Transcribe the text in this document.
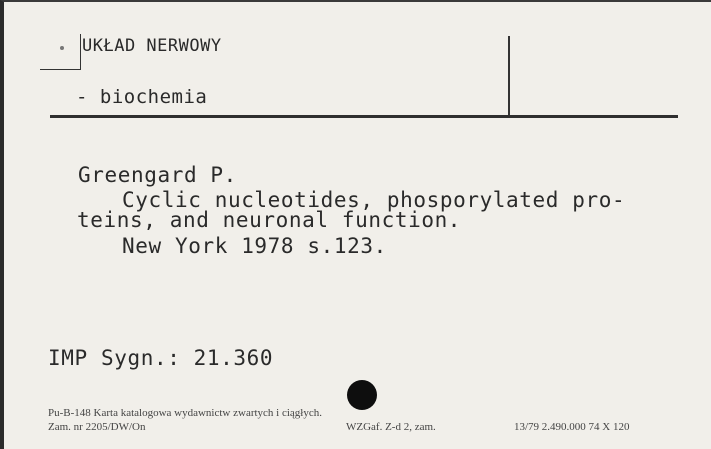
UKŁAD NERWOWY
- biochemia
Greengard P.
Cyclic nucleotides, phosporylated pro-
teins, and neuronal function.
New York 1978 s.123.
IMP Sygn.: 21.360
Pu-B-148 Karta katalogowa wydawnictw zwartych i ciągłych.
Zam. nr 2205/DW/On	WZGaf. Z-d 2, zam.	13/79 2.490.000 74 X 120
